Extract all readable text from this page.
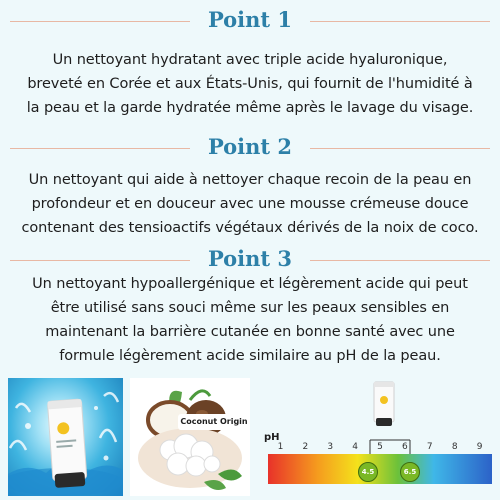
Point 1
Un nettoyant hydratant avec triple acide hyaluronique,
breveté en Corée et aux États-Unis, qui fournit de l'humidité à
la peau et la garde hydratée même après le lavage du visage.
Point 2
Un nettoyant qui aide à nettoyer chaque recoin de la peau en
profondeur et en douceur avec une mousse crémeuse douce
contenant des tensioactifs végétaux dérivés de la noix de coco.
Point 3
Un nettoyant hypoallergénique et légèrement acide qui peut
être utilisé sans souci même sur les peaux sensibles en
maintenant la barrière cutanée en bonne santé avec une
formule légèrement acide similaire au pH de la peau.
Coconut Origin
pH
1	2	3	4	5	6	7	8	9
4.5	6.5
